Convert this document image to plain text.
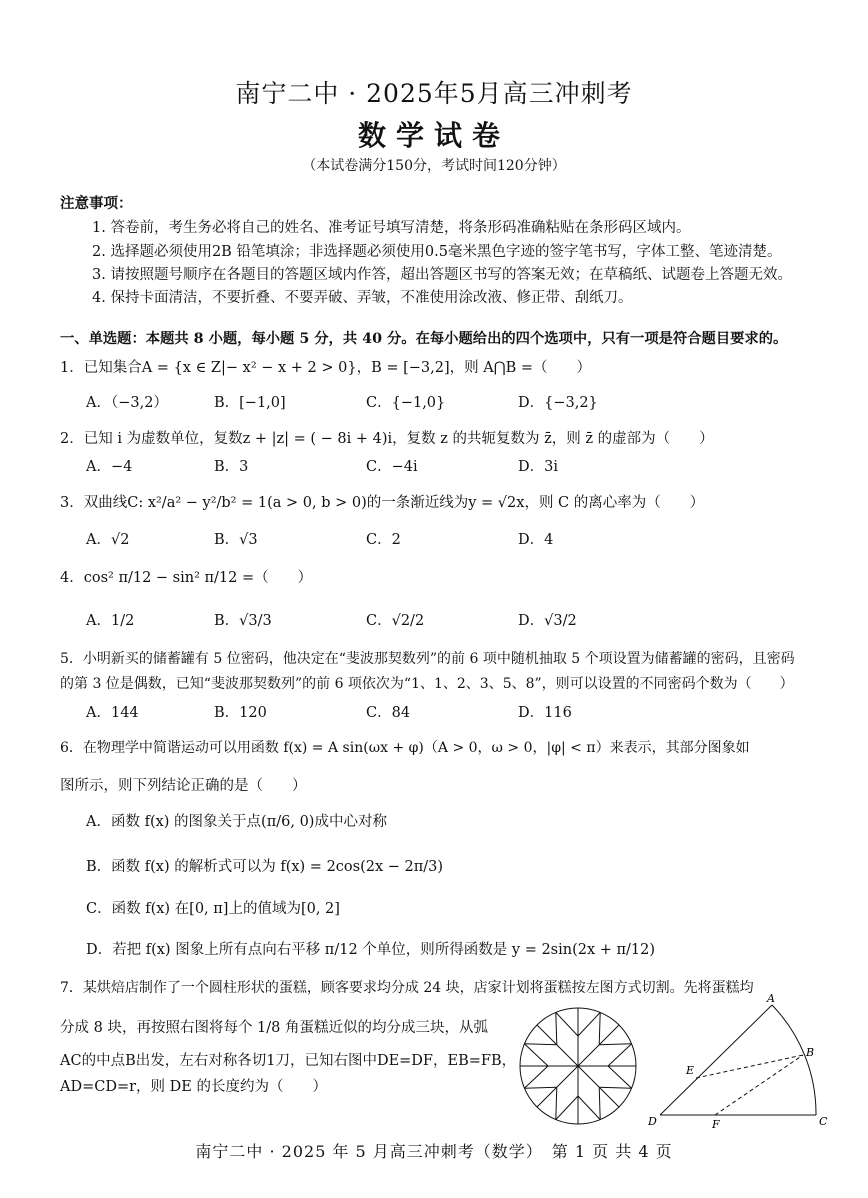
南宁二中 · 2025年5月高三冲刺考
数学试卷
（本试卷满分150分，考试时间120分钟）
注意事项：
1. 答卷前，考生务必将自己的姓名、准考证号填写清楚，将条形码准确粘贴在条形码区域内。
2. 选择题必须使用2B 铅笔填涂；非选择题必须使用0.5毫米黑色字迹的签字笔书写，字体工整、笔迹清楚。
3. 请按照题号顺序在各题目的答题区域内作答，超出答题区书写的答案无效；在草稿纸、试题卷上答题无效。
4. 保持卡面清洁，不要折叠、不要弄破、弄皱，不准使用涂改液、修正带、刮纸刀。
一、单选题：本题共 8 小题，每小题 5 分，共 40 分。在每小题给出的四个选项中，只有一项是符合题目要求的。
1．已知集合A = {x ∈ Z|− x² − x + 2 > 0}，B = [−3,2]，则 A⋂B =（　　）
A．（−3,2）	B．[−1,0]	C．{−1,0}	D．{−3,2}
2．已知 i 为虚数单位，复数z + |z| = ( − 8i + 4)i，复数 z 的共轭复数为 z̄，则 z̄ 的虚部为（　　）
A．−4	B．3	C．−4i	D．3i
3．双曲线C: x²/a² − y²/b² = 1(a > 0, b > 0)的一条渐近线为y = √2x，则 C 的离心率为（　　）
A．√2	B．√3	C．2	D．4
4．cos² π/12 − sin² π/12 =（　　）
A．1/2	B．√3/3	C．√2/2	D．√3/2
5．小明新买的储蓄罐有 5 位密码，他决定在“斐波那契数列”的前 6 项中随机抽取 5 个项设置为储蓄罐的密码，且密码
的第 3 位是偶数，已知“斐波那契数列”的前 6 项依次为“1、1、2、3、5、8”，则可以设置的不同密码个数为（　　）
A．144	B．120	C．84	D．116
6．在物理学中简谐运动可以用函数 f(x) = A sin(ωx + φ)（A > 0，ω > 0，|φ| < π）来表示，其部分图象如
图所示，则下列结论正确的是（　　）
A．函数 f(x) 的图象关于点(π/6, 0)成中心对称
B．函数 f(x) 的解析式可以为 f(x) = 2cos(2x − 2π/3)
C．函数 f(x) 在[0, π]上的值域为[0, 2]
D．若把 f(x) 图象上所有点向右平移 π/12 个单位，则所得函数是 y = 2sin(2x + π/12)
7．某烘焙店制作了一个圆柱形状的蛋糕，顾客要求均分成 24 块，店家计划将蛋糕按左图方式切割。先将蛋糕均
分成 8 块，再按照右图将每个 1/8 角蛋糕近似的均分成三块，从弧
AC的中点B出发，左右对称各切1刀，已知右图中DE=DF，EB=FB，
AD=CD=r，则 DE 的长度约为（　　）
A
B
C
D
E
F
南宁二中 · 2025 年 5 月高三冲刺考（数学）　第 1 页 共 4 页
